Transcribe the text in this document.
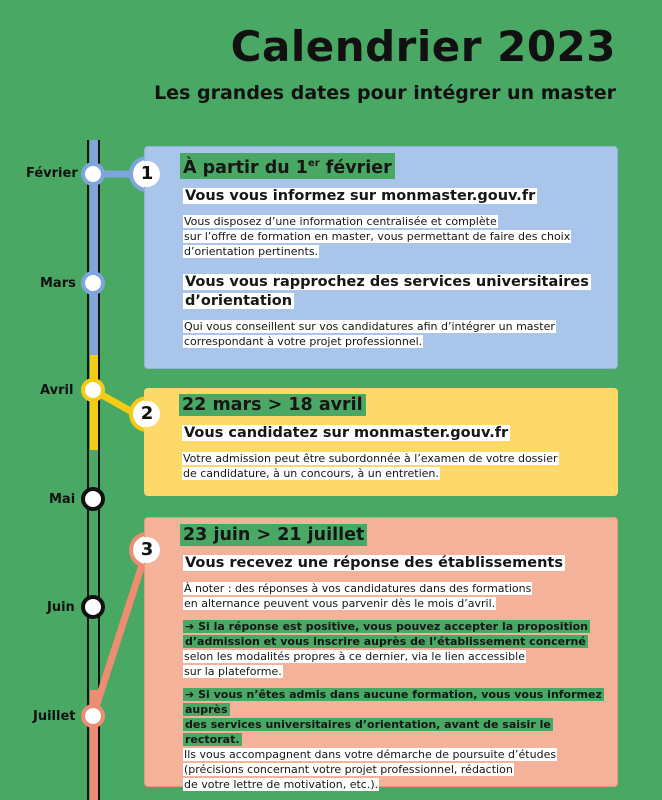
Calendrier 2023

Les grandes dates pour intégrer un master

Février
Mars
Avril
Mai
Juin
Juillet
À partir du 1er février

Vous vous informez sur monmaster.gouv.fr

Vous disposez d’une information centralisée et complète
sur l’offre de formation en master, vous permettant de faire des choix
d’orientation pertinents.

Vous vous rapprochez des services universitaires
d’orientation

Qui vous conseillent sur vos candidatures afin d’intégrer un master
correspondant à votre projet professionnel.

22 mars > 18 avril

Vous candidatez sur monmaster.gouv.fr

Votre admission peut être subordonnée à l’examen de votre dossier
de candidature, à un concours, à un entretien.

23 juin > 21 juillet

Vous recevez une réponse des établissements

À noter : des réponses à vos candidatures dans des formations
en alternance peuvent vous parvenir dès le mois d’avril.

➔ Si la réponse est positive, vous pouvez accepter la proposition
d’admission et vous inscrire auprès de l’établissement concerné
selon les modalités propres à ce dernier, via le lien accessible
sur la plateforme.

➔ Si vous n’êtes admis dans aucune formation, vous vous informez auprès
des services universitaires d’orientation, avant de saisir le rectorat.
Ils vous accompagnent dans votre démarche de poursuite d’études
(précisions concernant votre projet professionnel, rédaction
de votre lettre de motivation, etc.).

1
2
3
